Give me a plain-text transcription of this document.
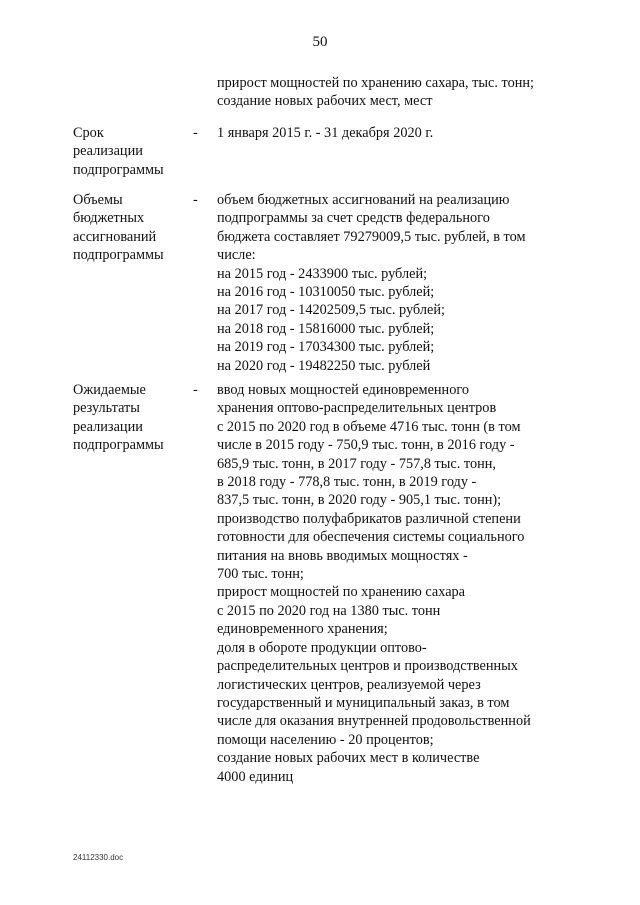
50
прирост мощностей по хранению сахара, тыс. тонн;
создание новых рабочих мест, мест
Срок
реализации
подпрограммы
-	1 января 2015 г. - 31 декабря 2020 г.
Объемы
бюджетных
ассигнований
подпрограммы
-	объем бюджетных ассигнований на реализацию
подпрограммы за счет средств федерального
бюджета составляет 79279009,5 тыс. рублей, в том
числе:
на 2015 год - 2433900 тыс. рублей;
на 2016 год - 10310050 тыс. рублей;
на 2017 год - 14202509,5 тыс. рублей;
на 2018 год - 15816000 тыс. рублей;
на 2019 год - 17034300 тыс. рублей;
на 2020 год - 19482250 тыс. рублей
Ожидаемые
результаты
реализации
подпрограммы
-	ввод новых мощностей единовременного
хранения оптово-распределительных центров
с 2015 по 2020 год в объеме 4716 тыс. тонн (в том
числе в 2015 году - 750,9 тыс. тонн, в 2016 году -
685,9 тыс. тонн, в 2017 году - 757,8 тыс. тонн,
в 2018 году - 778,8 тыс. тонн, в 2019 году -
837,5 тыс. тонн, в 2020 году - 905,1 тыс. тонн);
производство полуфабрикатов различной степени
готовности для обеспечения системы социального
питания на вновь вводимых мощностях -
700 тыс. тонн;
прирост мощностей по хранению сахара
с 2015 по 2020 год на 1380 тыс. тонн
единовременного хранения;
доля в обороте продукции оптово-
распределительных центров и производственных
логистических центров, реализуемой через
государственный и муниципальный заказ, в том
числе для оказания внутренней продовольственной
помощи населению - 20 процентов;
создание новых рабочих мест в количестве
4000 единиц
24112330.doc
